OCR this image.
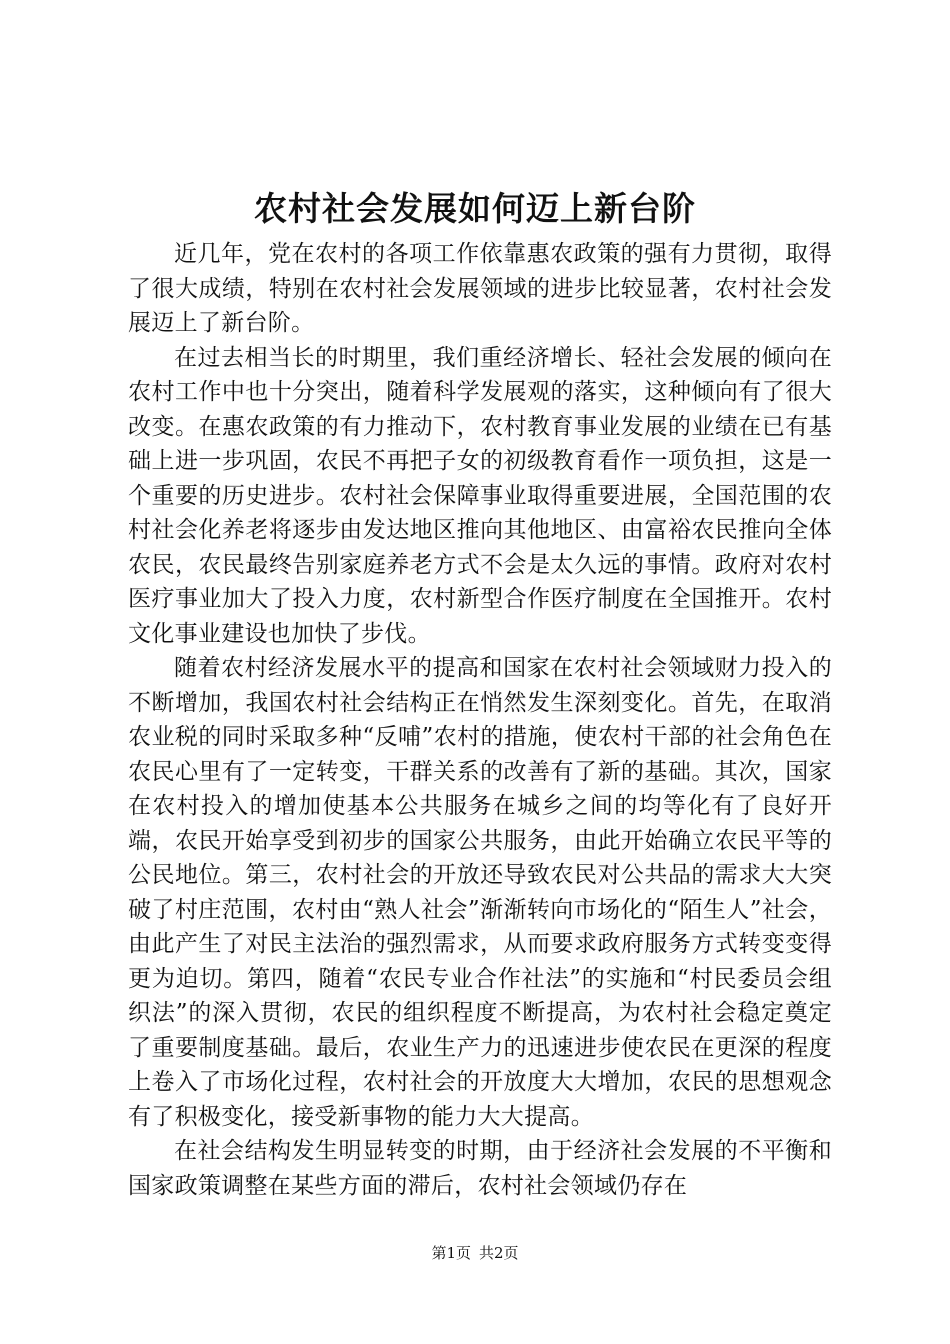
农村社会发展如何迈上新台阶

近几年，党在农村的各项工作依靠惠农政策的强有力贯彻，取得了很大成绩，特别在农村社会发展领域的进步比较显著，农村社会发展迈上了新台阶。

在过去相当长的时期里，我们重经济增长、轻社会发展的倾向在农村工作中也十分突出，随着科学发展观的落实，这种倾向有了很大改变。在惠农政策的有力推动下，农村教育事业发展的业绩在已有基础上进一步巩固，农民不再把子女的初级教育看作一项负担，这是一个重要的历史进步。农村社会保障事业取得重要进展，全国范围的农村社会化养老将逐步由发达地区推向其他地区、由富裕农民推向全体农民，农民最终告别家庭养老方式不会是太久远的事情。政府对农村医疗事业加大了投入力度，农村新型合作医疗制度在全国推开。农村文化事业建设也加快了步伐。

随着农村经济发展水平的提高和国家在农村社会领域财力投入的不断增加，我国农村社会结构正在悄然发生深刻变化。首先，在取消农业税的同时采取多种“反哺”农村的措施，使农村干部的社会角色在农民心里有了一定转变，干群关系的改善有了新的基础。其次，国家在农村投入的增加使基本公共服务在城乡之间的均等化有了良好开端，农民开始享受到初步的国家公共服务，由此开始确立农民平等的公民地位。第三，农村社会的开放还导致农民对公共品的需求大大突破了村庄范围，农村由“熟人社会”渐渐转向市场化的“陌生人”社会，由此产生了对民主法治的强烈需求，从而要求政府服务方式转变变得更为迫切。第四，随着“农民专业合作社法”的实施和“村民委员会组织法”的深入贯彻，农民的组织程度不断提高，为农村社会稳定奠定了重要制度基础。最后，农业生产力的迅速进步使农民在更深的程度上卷入了市场化过程，农村社会的开放度大大增加，农民的思想观念有了积极变化，接受新事物的能力大大提高。

在社会结构发生明显转变的时期，由于经济社会发展的不平衡和国家政策调整在某些方面的滞后，农村社会领域仍存在

第1页 共2页
